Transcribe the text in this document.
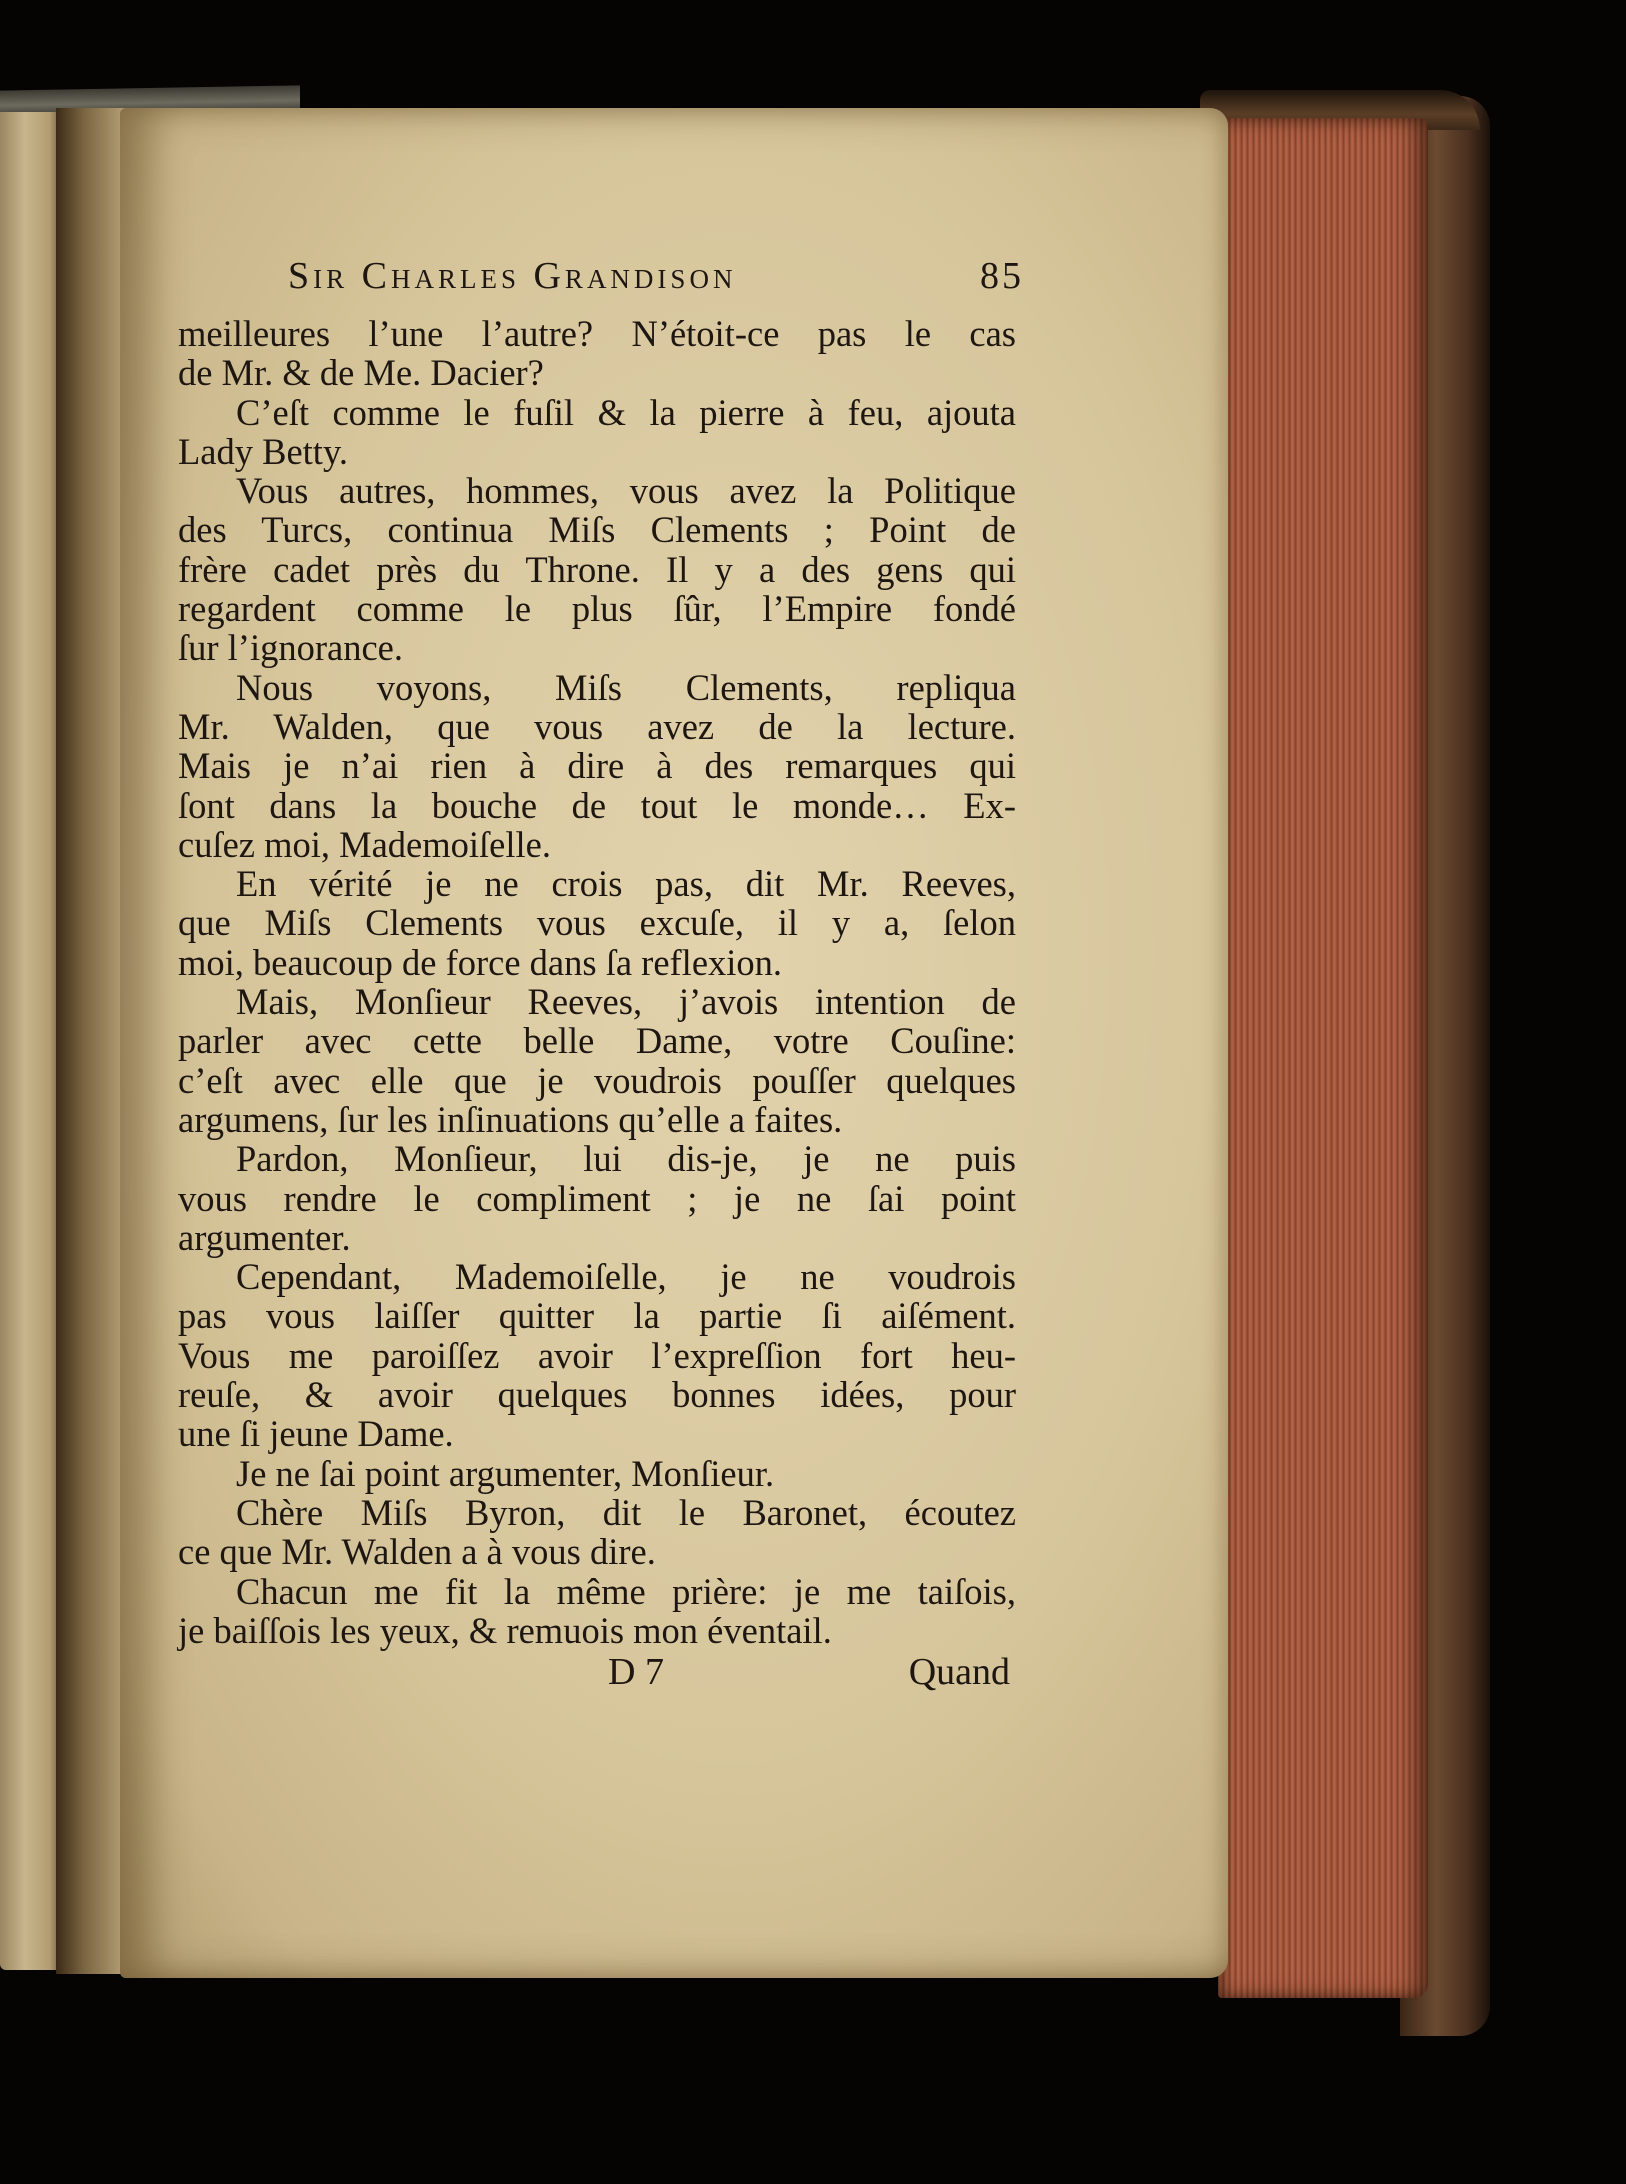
Sir Charles Grandison	85
meilleures l’une l’autre? N’étoit-ce pas le cas
de Mr. & de Me. Dacier?
C’eſt comme le fuſil & la pierre à feu, ajouta
Lady Betty.
Vous autres, hommes, vous avez la Politique
des Turcs, continua Miſs Clements ; Point de
frère cadet près du Throne. Il y a des gens qui
regardent comme le plus ſûr, l’Empire fondé
ſur l’ignorance.
Nous voyons, Miſs Clements, repliqua
Mr. Walden, que vous avez de la lecture.
Mais je n’ai rien à dire à des remarques qui
ſont dans la bouche de tout le monde… Ex-
cuſez moi, Mademoiſelle.
En vérité je ne crois pas, dit Mr. Reeves,
que Miſs Clements vous excuſe, il y a, ſelon
moi, beaucoup de force dans ſa reflexion.
Mais, Monſieur Reeves, j’avois intention de
parler avec cette belle Dame, votre Couſine:
c’eſt avec elle que je voudrois pouſſer quelques
argumens, ſur les inſinuations qu’elle a faites.
Pardon, Monſieur, lui dis-je, je ne puis
vous rendre le compliment ; je ne ſai point
argumenter.
Cependant, Mademoiſelle, je ne voudrois
pas vous laiſſer quitter la partie ſi aiſément.
Vous me paroiſſez avoir l’expreſſion fort heu-
reuſe, & avoir quelques bonnes idées, pour
une ſi jeune Dame.
Je ne ſai point argumenter, Monſieur.
Chère Miſs Byron, dit le Baronet, écoutez
ce que Mr. Walden a à vous dire.
Chacun me fit la même prière: je me taiſois,
je baiſſois les yeux, & remuois mon éventail.
D 7	Quand
